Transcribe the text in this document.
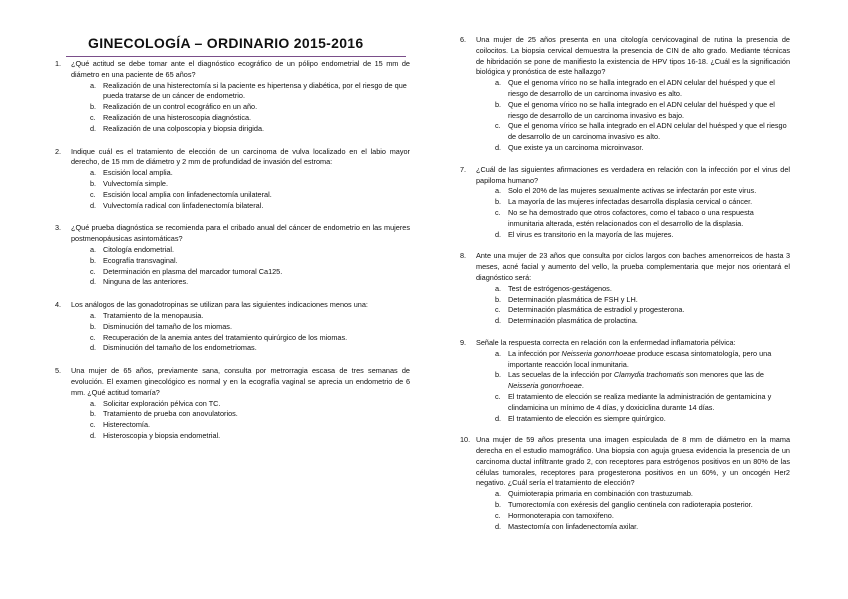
GINECOLOGÍA – ORDINARIO 2015-2016
1. ¿Qué actitud se debe tomar ante el diagnóstico ecográfico de un pólipo endometrial de 15 mm de diámetro en una paciente de 65 años?
a. Realización de una histerectomía si la paciente es hipertensa y diabética, por el riesgo de que pueda tratarse de un cáncer de endometrio.
b. Realización de un control ecográfico en un año.
c. Realización de una histeroscopia diagnóstica.
d. Realización de una colposcopia y biopsia dirigida.
2. Indique cuál es el tratamiento de elección de un carcinoma de vulva localizado en el labio mayor derecho, de 15 mm de diámetro y 2 mm de profundidad de invasión del estroma:
a. Escisión local amplia.
b. Vulvectomía simple.
c. Escisión local amplia con linfadenectomía unilateral.
d. Vulvectomía radical con linfadenectomía bilateral.
3. ¿Qué prueba diagnóstica se recomienda para el cribado anual del cáncer de endometrio en las mujeres postmenopáusicas asintomáticas?
a. Citología endometrial.
b. Ecografía transvaginal.
c. Determinación en plasma del marcador tumoral Ca125.
d. Ninguna de las anteriores.
4. Los análogos de las gonadotropinas se utilizan para las siguientes indicaciones menos una:
a. Tratamiento de la menopausia.
b. Disminución del tamaño de los miomas.
c. Recuperación de la anemia antes del tratamiento quirúrgico de los miomas.
d. Disminución del tamaño de los endometriomas.
5. Una mujer de 65 años, previamente sana, consulta por metrorragia escasa de tres semanas de evolución. El examen ginecológico es normal y en la ecografía vaginal se aprecia un endometrio de 6 mm. ¿Qué actitud tomaría?
a. Solicitar exploración pélvica con TC.
b. Tratamiento de prueba con anovulatorios.
c. Histerectomía.
d. Histeroscopia y biopsia endometrial.
6. Una mujer de 25 años presenta en una citología cervicovaginal de rutina la presencia de coilocitos. La biopsia cervical demuestra la presencia de CIN de alto grado. Mediante técnicas de hibridación se pone de manifiesto la existencia de HPV tipos 16-18. ¿Cuál es la significación biológica y pronóstica de este hallazgo?
a. Que el genoma vírico no se halla integrado en el ADN celular del huésped y que el riesgo de desarrollo de un carcinoma invasivo es alto.
b. Que el genoma vírico no se halla integrado en el ADN celular del huésped y que el riesgo de desarrollo de un carcinoma invasivo es bajo.
c. Que el genoma vírico se halla integrado en el ADN celular del huésped y que el riesgo de desarrollo de un carcinoma invasivo es alto.
d. Que existe ya un carcinoma microinvasor.
7. ¿Cuál de las siguientes afirmaciones es verdadera en relación con la infección por el virus del papiloma humano?
a. Solo el 20% de las mujeres sexualmente activas se infectarán por este virus.
b. La mayoría de las mujeres infectadas desarrolla displasia cervical o cáncer.
c. No se ha demostrado que otros cofactores, como el tabaco o una respuesta inmunitaria alterada, estén relacionados con el desarrollo de la displasia.
d. El virus es transitorio en la mayoría de las mujeres.
8. Ante una mujer de 23 años que consulta por ciclos largos con baches amenorreicos de hasta 3 meses, acné facial y aumento del vello, la prueba complementaria que mejor nos orientará el diagnóstico será:
a. Test de estrógenos-gestágenos.
b. Determinación plasmática de FSH y LH.
c. Determinación plasmática de estradiol y progesterona.
d. Determinación plasmática de prolactina.
9. Señale la respuesta correcta en relación con la enfermedad inflamatoria pélvica:
a. La infección por Neisseria gonorrhoeae produce escasa sintomatología, pero una importante reacción local inmunitaria.
b. Las secuelas de la infección por Clamydia trachomatis son menores que las de Neisseria gonorrhoeae.
c. El tratamiento de elección se realiza mediante la administración de gentamicina y clindamicina un mínimo de 4 días, y doxiciclina durante 14 días.
d. El tratamiento de elección es siempre quirúrgico.
10. Una mujer de 59 años presenta una imagen espiculada de 8 mm de diámetro en la mama derecha en el estudio mamográfico. Una biopsia con aguja gruesa evidencia la presencia de un carcinoma ductal infiltrante grado 2, con receptores para estrógenos positivos en un 80% de las células tumorales, receptores para progesterona positivos en un 60%, y un oncogén Her2 negativo. ¿Cuál sería el tratamiento de elección?
a. Quimioterapia primaria en combinación con trastuzumab.
b. Tumorectomía con exéresis del ganglio centinela con radioterapia posterior.
c. Hormonoterapia con tamoxifeno.
d. Mastectomía con linfadenectomía axilar.
